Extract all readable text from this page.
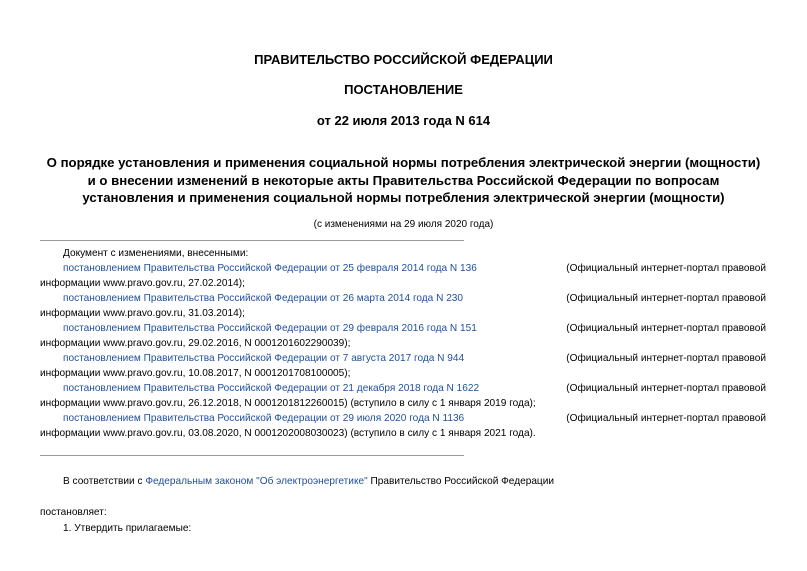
ПРАВИТЕЛЬСТВО РОССИЙСКОЙ ФЕДЕРАЦИИ
ПОСТАНОВЛЕНИЕ
от 22 июля 2013 года N 614
О порядке установления и применения социальной нормы потребления электрической энергии (мощности)
и о внесении изменений в некоторые акты Правительства Российской Федерации по вопросам
установления и применения социальной нормы потребления электрической энергии (мощности)
(с изменениями на 29 июля 2020 года)
Документ с изменениями, внесенными:
постановлением Правительства Российской Федерации от 25 февраля 2014 года N 136	(Официальный интернет-портал правовой
информации www.pravo.gov.ru, 27.02.2014);
постановлением Правительства Российской Федерации от 26 марта 2014 года N 230	(Официальный интернет-портал правовой
информации www.pravo.gov.ru, 31.03.2014);
постановлением Правительства Российской Федерации от 29 февраля 2016 года N 151	(Официальный интернет-портал правовой
информации www.pravo.gov.ru, 29.02.2016, N 0001201602290039);
постановлением Правительства Российской Федерации от 7 августа 2017 года N 944	(Официальный интернет-портал правовой
информации www.pravo.gov.ru, 10.08.2017, N 0001201708100005);
постановлением Правительства Российской Федерации от 21 декабря 2018 года N 1622	(Официальный интернет-портал правовой
информации www.pravo.gov.ru, 26.12.2018, N 0001201812260015) (вступило в силу с 1 января 2019 года);
постановлением Правительства Российской Федерации от 29 июля 2020 года N 1136	(Официальный интернет-портал правовой
информации www.pravo.gov.ru, 03.08.2020, N 0001202008030023) (вступило в силу с 1 января 2021 года).
В соответствии с Федеральным законом "Об электроэнергетике" Правительство Российской Федерации
постановляет:
1. Утвердить прилагаемые:
